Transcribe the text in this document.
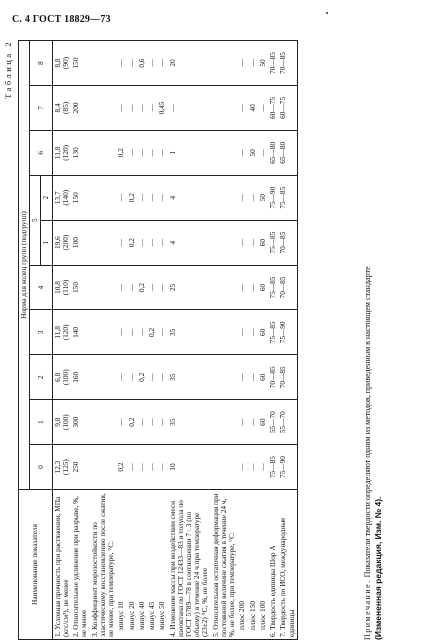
С. 4 ГОСТ 18829—73
Таблица 2
Наименование показателя	Норма для колец групп (подгрупп)									
	0	1	2	3	4	5		6	7	8
						1	2			
1. Условная прочность при растяжении, МПа (кгс/см²), не менее	12,3 (125)	9,8 (100)	6,8 (100)	11,8 (120)	10,8 (110)	19,6 (200)	13,7 (140)	11,8 (120)	8,4 (85)	8,8 (90)

2. Относительное удлинение при разрыве, %, не менее	250	300	160	140	150	100	150	130	200	150

3. Коэффициент морозостойкости по эластическому восстановлению после сжатия, не менее, при температуре, °С:	

минус 10	0,2	—	—	—	—	—	—	0,2	—	—

минус 20	—	0,2	—	—	—	0,2	0,2	—	—	—

минус 40	—	—	0,2	—	0,2	—	—	—	—	0,6

минус 45	—	—	—	0,2	—	—	—	—	—	—

минус 50	—	—	—	—	—	—	—	—	0,45	—

4. Изменение массы при воздействии смеси изооктана по ГОСТ 12433—83 и толуола по ГОСТ 5789—78 в соотношении 7 : 3 (по объему) в течение 24 ч при температуре (23±2) °С, %, не более	10	35	35	35	25	4	4	1	—	20

5. Относительная остаточная деформация при постоянной величине сжатия в течение 24 ч, %, не более, при температуре, °С:	

плюс 200	—	—	—	—	—	—	—	—	—	—

плюс 150	—	—	—	—	—	—	—	50	40	—

плюс 100	—	60	60	60	60	60	50	—	—	50

6. Твердость единицы Шор А	75—85	55—70	70—85	75—85	75—85	75—85	75—90	65—80	60—75	70—85

7. Твердость по ИСО, международные единицы	75—90	55—70	70—85	75—90	70—85	70—85	75—85	65—80	60—75	70—85
Примечание. Показатели твердости определяют одним из методов, приведенным в настоящем стандарте
(Измененная редакция, Изм. № 4).
